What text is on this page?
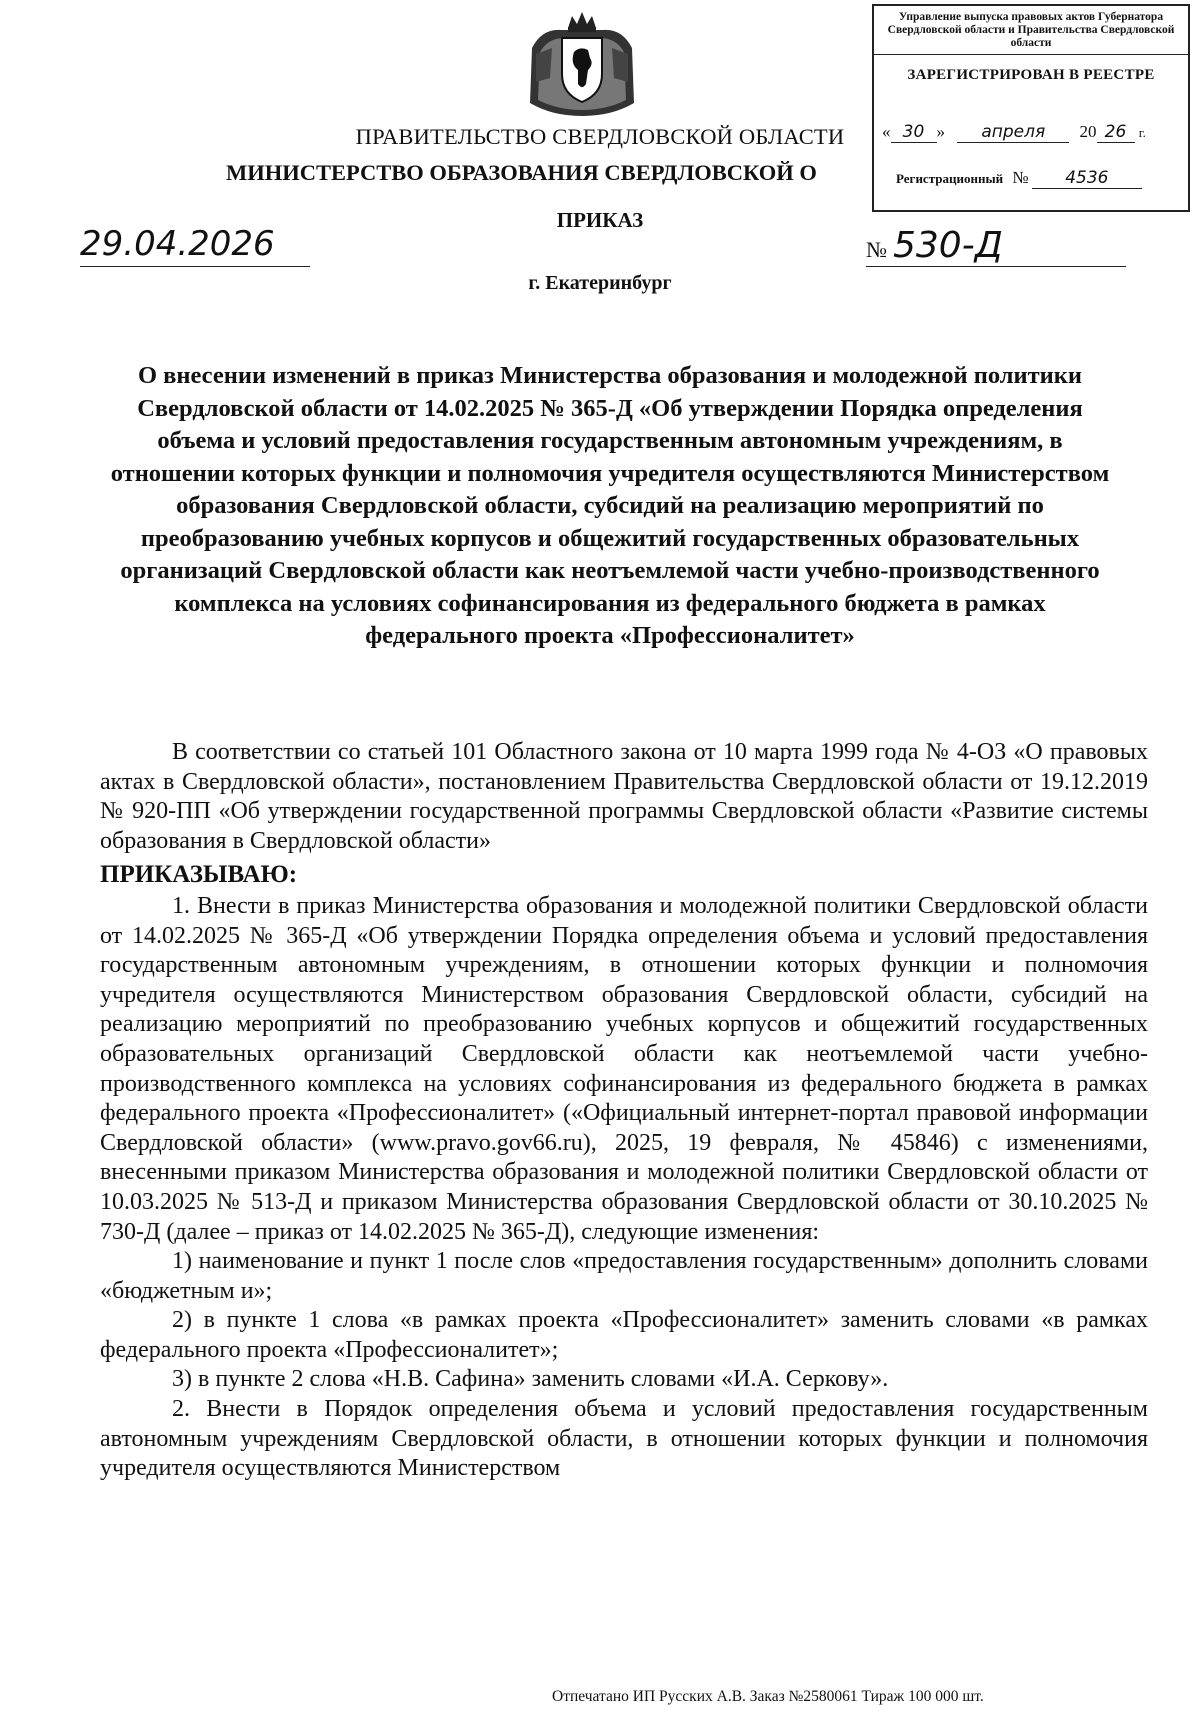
Управление выпуска правовых актов Губернатора Свердловской области и Правительства Свердловской области
ЗАРЕГИСТРИРОВАН В РЕЕСТРЕ
« 30 » апреля 20 26 г.
Регистрационный № 4536
ПРАВИТЕЛЬСТВО СВЕРДЛОВСКОЙ ОБЛАСТИ
МИНИСТЕРСТВО ОБРАЗОВАНИЯ СВЕРДЛОВСКОЙ О
ПРИКАЗ
29.04.2026	№ 530-Д
г. Екатеринбург
О внесении изменений в приказ Министерства образования и молодежной политики Свердловской области от 14.02.2025 № 365-Д «Об утверждении Порядка определения объема и условий предоставления государственным автономным учреждениям, в отношении которых функции и полномочия учредителя осуществляются Министерством образования Свердловской области, субсидий на реализацию мероприятий по преобразованию учебных корпусов и общежитий государственных образовательных организаций Свердловской области как неотъемлемой части учебно-производственного комплекса на условиях софинансирования из федерального бюджета в рамках федерального проекта «Профессионалитет»

В соответствии со статьей 101 Областного закона от 10 марта 1999 года № 4-ОЗ «О правовых актах в Свердловской области», постановлением Правительства Свердловской области от 19.12.2019 № 920-ПП «Об утверждении государственной программы Свердловской области «Развитие системы образования в Свердловской области»

ПРИКАЗЫВАЮ:

1. Внести в приказ Министерства образования и молодежной политики Свердловской области от 14.02.2025 № 365-Д «Об утверждении Порядка определения объема и условий предоставления государственным автономным учреждениям, в отношении которых функции и полномочия учредителя осуществляются Министерством образования Свердловской области, субсидий на реализацию мероприятий по преобразованию учебных корпусов и общежитий государственных образовательных организаций Свердловской области как неотъемлемой части учебно-производственного комплекса на условиях софинансирования из федерального бюджета в рамках федерального проекта «Профессионалитет» («Официальный интернет-портал правовой информации Свердловской области» (www.pravo.gov66.ru), 2025, 19 февраля, № 45846) с изменениями, внесенными приказом Министерства образования и молодежной политики Свердловской области от 10.03.2025 № 513-Д и приказом Министерства образования Свердловской области от 30.10.2025 № 730-Д (далее – приказ от 14.02.2025 № 365-Д), следующие изменения:

1) наименование и пункт 1 после слов «предоставления государственным» дополнить словами «бюджетным и»;

2) в пункте 1 слова «в рамках проекта «Профессионалитет» заменить словами «в рамках федерального проекта «Профессионалитет»;

3) в пункте 2 слова «Н.В. Сафина» заменить словами «И.А. Серкову».

2. Внести в Порядок определения объема и условий предоставления государственным автономным учреждениям Свердловской области, в отношении которых функции и полномочия учредителя осуществляются Министерством

Отпечатано ИП Русских А.В. Заказ №2580061 Тираж 100 000 шт.
